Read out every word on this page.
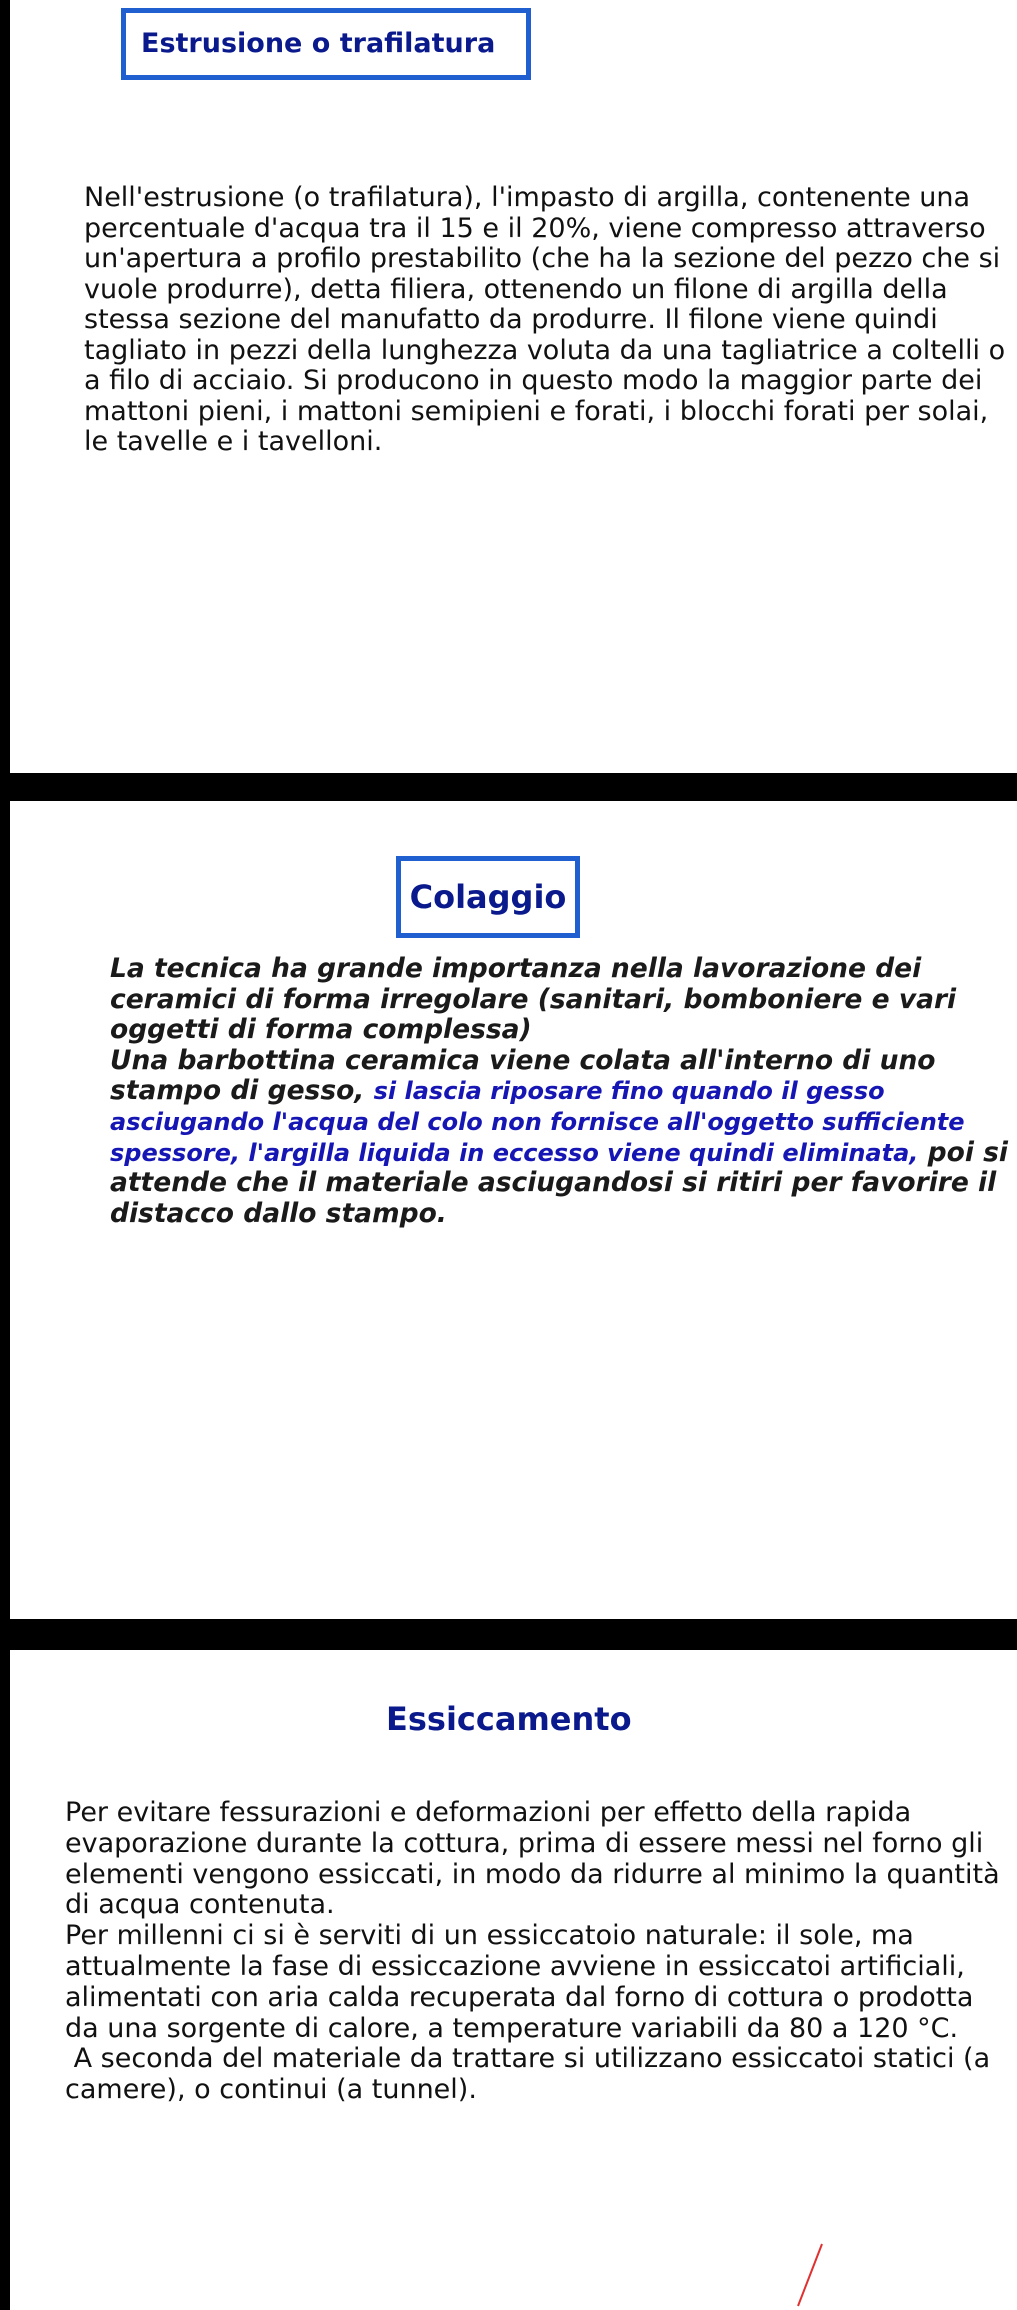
Estrusione o trafilatura

Nell'estrusione (o trafilatura), l'impasto di argilla, contenente una percentuale d'acqua tra il 15 e il 20%, viene compresso attraverso un'apertura a profilo prestabilito (che ha la sezione del pezzo che si vuole produrre), detta filiera, ottenendo un filone di argilla della stessa sezione del manufatto da produrre. Il filone viene quindi tagliato in pezzi della lunghezza voluta da una tagliatrice a coltelli o a filo di acciaio. Si producono in questo modo la maggior parte dei mattoni pieni, i mattoni semipieni e forati, i blocchi forati per solai, le tavelle e i tavelloni.

Colaggio

La tecnica ha grande importanza nella lavorazione dei ceramici di forma irregolare (sanitari, bomboniere e vari oggetti di forma complessa)
Una barbottina ceramica viene colata all'interno di uno stampo di gesso, si lascia riposare fino quando il gesso asciugando l'acqua del colo non fornisce all'oggetto sufficiente spessore, l'argilla liquida in eccesso viene quindi eliminata, poi si attende che il materiale asciugandosi si ritiri per favorire il distacco dallo stampo.

Essiccamento

Per evitare fessurazioni e deformazioni per effetto della rapida evaporazione durante la cottura, prima di essere messi nel forno gli elementi vengono essiccati, in modo da ridurre al minimo la quantità di acqua contenuta.
Per millenni ci si è serviti di un essiccatoio naturale: il sole, ma attualmente la fase di essiccazione avviene in essiccatoi artificiali, alimentati con aria calda recuperata dal forno di cottura o prodotta da una sorgente di calore, a temperature variabili da 80 a 120 °C.
A seconda del materiale da trattare si utilizzano essiccatoi statici (a camere), o continui (a tunnel).
